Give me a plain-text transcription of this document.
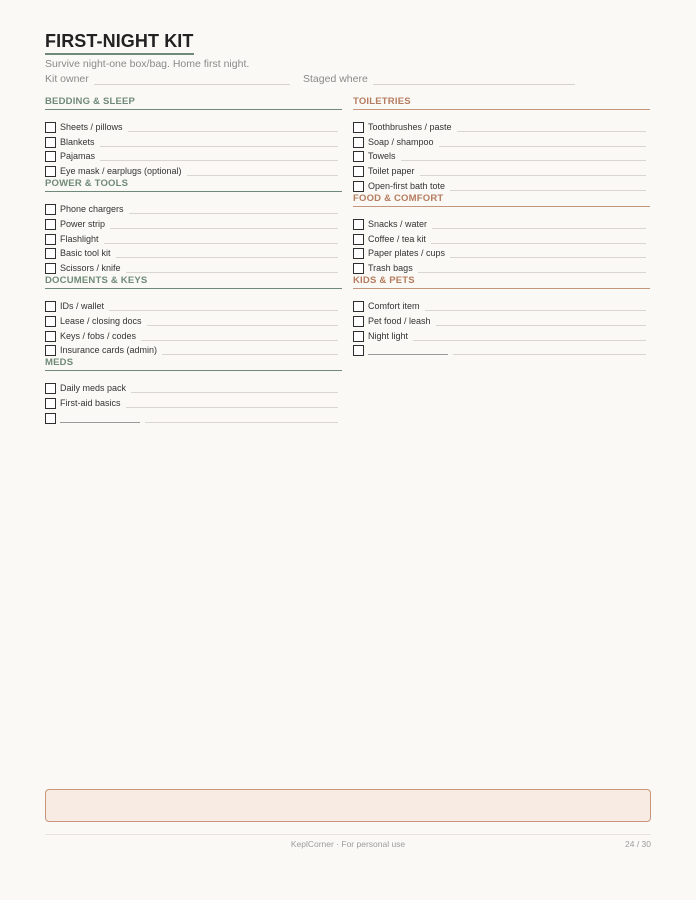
FIRST-NIGHT KIT
Survive night-one box/bag. Home first night.
Kit owner	Staged where
BEDDING & SLEEP
Sheets / pillows
Blankets
Pajamas
Eye mask / earplugs (optional)
POWER & TOOLS
Phone chargers
Power strip
Flashlight
Basic tool kit
Scissors / knife
DOCUMENTS & KEYS
IDs / wallet
Lease / closing docs
Keys / fobs / codes
Insurance cards (admin)
MEDS
Daily meds pack
First-aid basics
TOILETRIES
Toothbrushes / paste
Soap / shampoo
Towels
Toilet paper
Open-first bath tote
FOOD & COMFORT
Snacks / water
Coffee / tea kit
Paper plates / cups
Trash bags
KIDS & PETS
Comfort item
Pet food / leash
Night light
KeplCorner · For personal use	24 / 30
